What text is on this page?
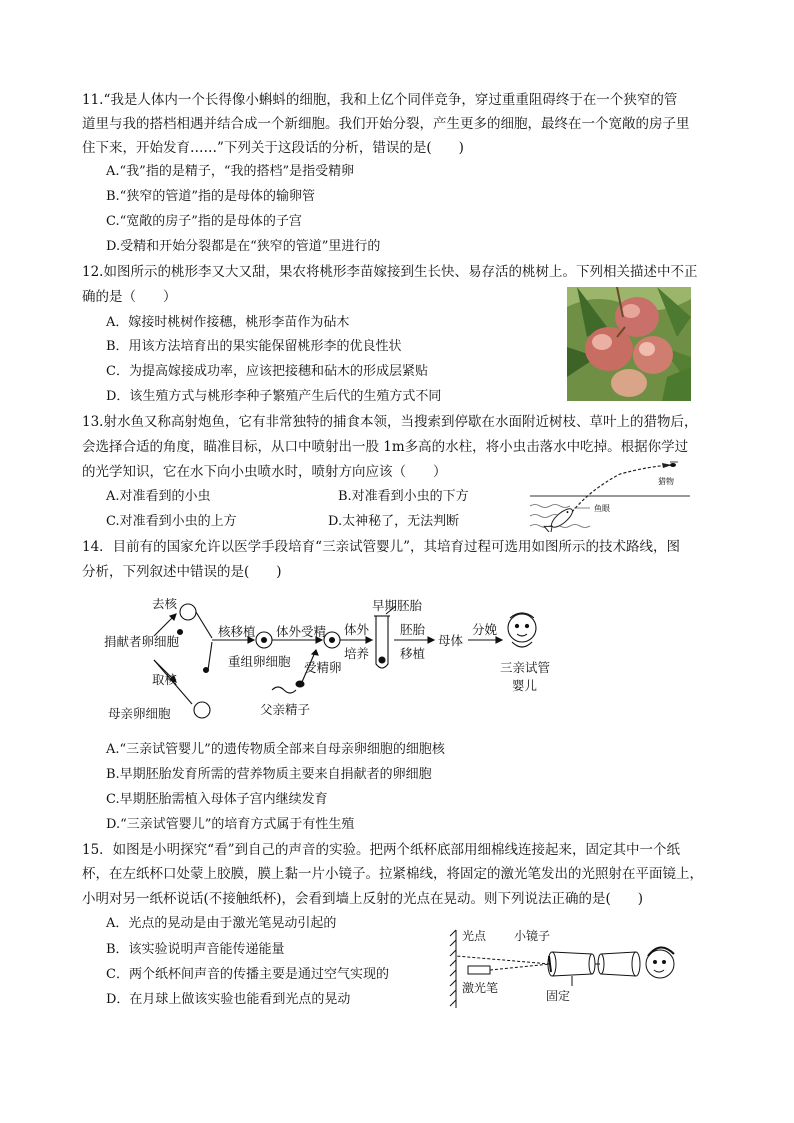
11.“我是人体内一个长得像小蝌蚪的细胞，我和上亿个同伴竞争，穿过重重阻碍终于在一个狭窄的管
道里与我的搭档相遇并结合成一个新细胞。我们开始分裂，产生更多的细胞，最终在一个宽敞的房子里
住下来，开始发育……”下列关于这段话的分析，错误的是(　　)
A.“我”指的是精子，“我的搭档”是指受精卵
B.“狭窄的管道”指的是母体的输卵管
C.“宽敞的房子”指的是母体的子宫
D.受精和开始分裂都是在“狭窄的管道”里进行的
12.如图所示的桃形李又大又甜，果农将桃形李苗嫁接到生长快、易存活的桃树上。下列相关描述中不正
确的是（　　）
A．嫁接时桃树作接穗，桃形李苗作为砧木
B．用该方法培育出的果实能保留桃形李的优良性状
C．为提高嫁接成功率，应该把接穗和砧木的形成层紧贴
D．该生殖方式与桃形李种子繁殖产生后代的生殖方式不同
13.射水鱼又称高射炮鱼，它有非常独特的捕食本领，当搜索到停歇在水面附近树枝、草叶上的猎物后，
会选择合适的角度，瞄准目标，从口中喷射出一股 1m多高的水柱，将小虫击落水中吃掉。根据你学过
的光学知识，它在水下向小虫喷水时，喷射方向应该（　　）
A.对准看到的小虫	B.对准看到小虫的下方
C.对准看到小虫的上方	D.太神秘了，无法判断
猎物
鱼眼
14．目前有的国家允许以医学手段培育“三亲试管婴儿”，其培育过程可选用如图所示的技术路线，图
分析，下列叙述中错误的是(　　)
去核
捐献者卵细胞
取核
母亲卵细胞
核移植
重组卵细胞
体外受精
受精卵
父亲精子
体外
培养
早期胚胎
胚胎
移植
母体
分娩
三亲试管
婴儿
A.“三亲试管婴儿”的遗传物质全部来自母亲卵细胞的细胞核
B.早期胚胎发育所需的营养物质主要来自捐献者的卵细胞
C.早期胚胎需植入母体子宫内继续发育
D.“三亲试管婴儿”的培育方式属于有性生殖
15．如图是小明探究“看”到自己的声音的实验。把两个纸杯底部用细棉线连接起来，固定其中一个纸
杯，在左纸杯口处蒙上胶膜，膜上黏一片小镜子。拉紧棉线，将固定的激光笔发出的光照射在平面镜上，
小明对另一纸杯说话(不接触纸杯)，会看到墙上反射的光点在晃动。则下列说法正确的是(　　)
A．光点的晃动是由于激光笔晃动引起的
B．该实验说明声音能传递能量
C．两个纸杯间声音的传播主要是通过空气实现的
D．在月球上做该实验也能看到光点的晃动
光点 小镜子
激光笔
固定
